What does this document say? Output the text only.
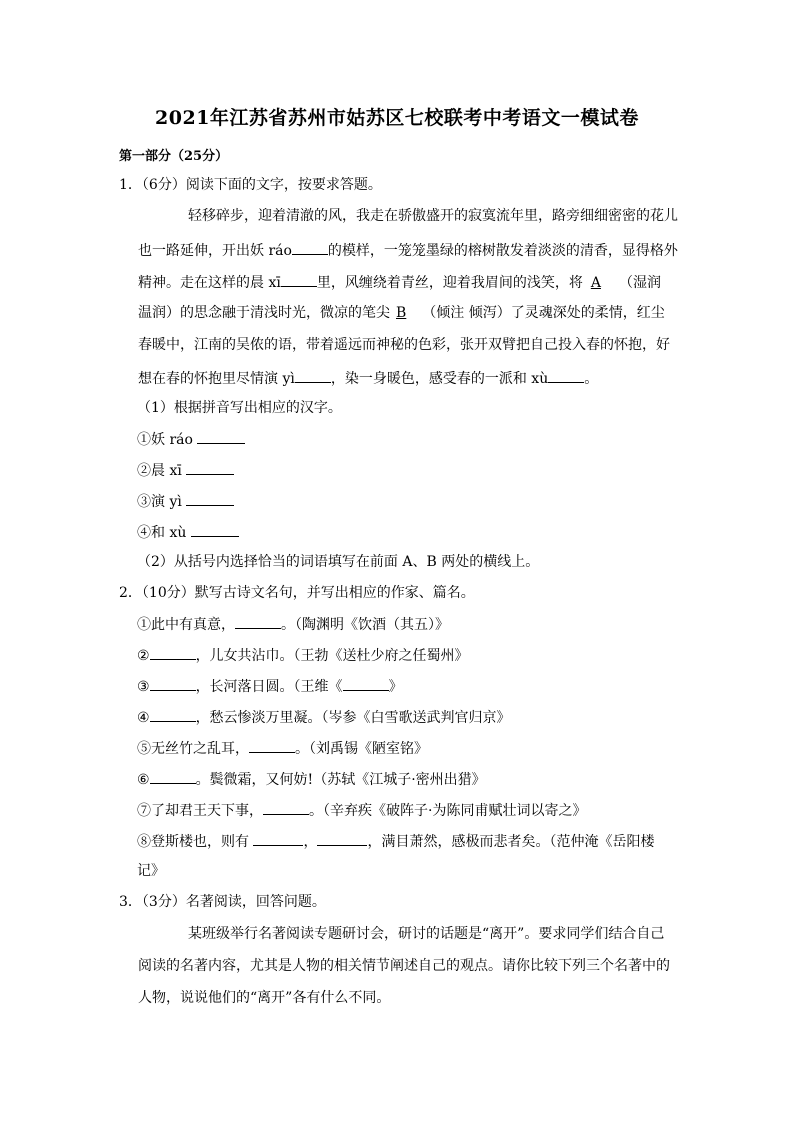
2021年江苏省苏州市姑苏区七校联考中考语文一模试卷
第一部分（25分）
1．（6分）阅读下面的文字，按要求答题。
轻移碎步，迎着清澈的风，我走在骄傲盛开的寂寞流年里，路旁细细密密的花儿
也一路延伸，开出妖 ráo	的模样，一笼笼墨绿的榕树散发着淡淡的清香，显得格外
精神。走在这样的晨 xī	里，风缠绕着青丝，迎着我眉间的浅笑，将 A （湿润
温润）的思念融于清浅时光，微凉的笔尖 B （倾注 倾泻）了灵魂深处的柔情，红尘
春暖中，江南的吴侬的语，带着遥远而神秘的色彩，张开双臂把自己投入春的怀抱，好
想在春的怀抱里尽情演 yì	，染一身暖色，感受春的一派和 xù	。
（1）根据拼音写出相应的汉字。
①妖 ráo
②晨 xī
③演 yì
④和 xù
（2）从括号内选择恰当的词语填写在前面 A、B 两处的横线上。
2．（10分）默写古诗文名句，并写出相应的作家、篇名。
①此中有真意，	。（陶渊明《饮酒（其五）》
②	，儿女共沾巾。（王勃《送杜少府之任蜀州》
③	，长河落日圆。（王维《	》
④	，愁云惨淡万里凝。（岑参《白雪歌送武判官归京》
⑤无丝竹之乱耳，	。（刘禹锡《陋室铭》
⑥	。鬓微霜，又何妨!（苏轼《江城子·密州出猎》
⑦了却君王天下事，	。（辛弃疾《破阵子·为陈同甫赋壮词以寄之》
⑧登斯楼也，则有	，	，满目萧然，感极而悲者矣。（范仲淹《岳阳楼
记》
3．（3分）名著阅读，回答问题。
某班级举行名著阅读专题研讨会，研讨的话题是“离开”。要求同学们结合自己
阅读的名著内容，尤其是人物的相关情节阐述自己的观点。请你比较下列三个名著中的
人物，说说他们的“离开”各有什么不同。
